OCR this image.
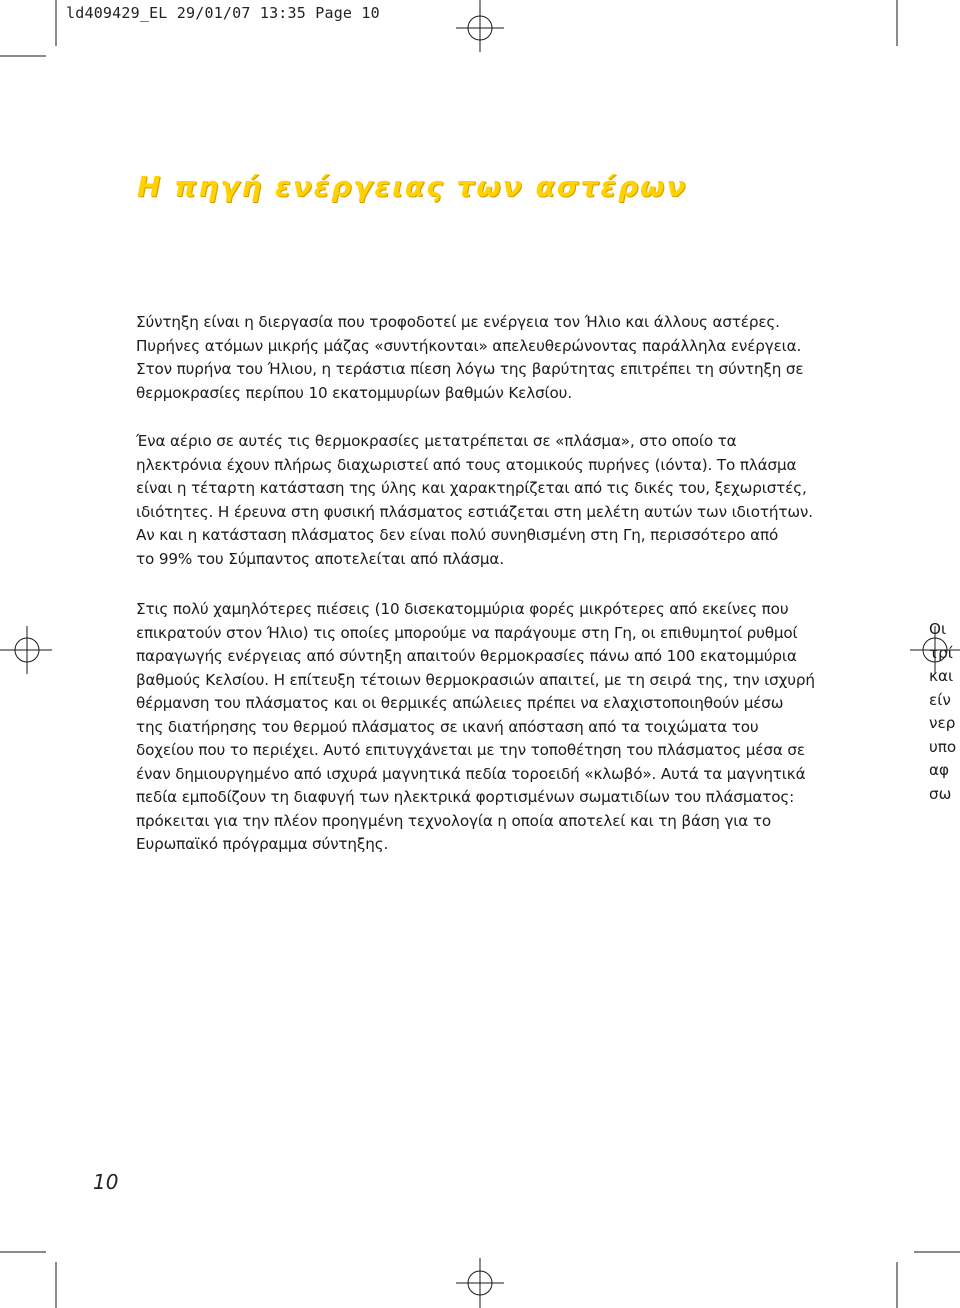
ld409429_EL 29/01/07 13:35 Page 10
Η πηγή ενέργειας των αστέρων
Σύντηξη είναι η διεργασία που τροφοδοτεί με ενέργεια τον Ήλιο και άλλους αστέρες.
Πυρήνες ατόμων μικρής μάζας «συντήκονται» απελευθερώνοντας παράλληλα ενέργεια.
Στον πυρήνα του Ήλιου, η τεράστια πίεση λόγω της βαρύτητας επιτρέπει τη σύντηξη σε
θερμοκρασίες περίπου 10 εκατομμυρίων βαθμών Κελσίου.
Ένα αέριο σε αυτές τις θερμοκρασίες μετατρέπεται σε «πλάσμα», στο οποίο τα
ηλεκτρόνια έχουν πλήρως διαχωριστεί από τους ατομικούς πυρήνες (ιόντα). Το πλάσμα
είναι η τέταρτη κατάσταση της ύλης και χαρακτηρίζεται από τις δικές του, ξεχωριστές,
ιδιότητες. Η έρευνα στη φυσική πλάσματος εστιάζεται στη μελέτη αυτών των ιδιοτήτων.
Αν και η κατάσταση πλάσματος δεν είναι πολύ συνηθισμένη στη Γη, περισσότερο από
το 99% του Σύμπαντος αποτελείται από πλάσμα.
Στις πολύ χαμηλότερες πιέσεις (10 δισεκατομμύρια φορές μικρότερες από εκείνες που
επικρατούν στον Ήλιο) τις οποίες μπορούμε να παράγουμε στη Γη, οι επιθυμητοί ρυθμοί
παραγωγής ενέργειας από σύντηξη απαιτούν θερμοκρασίες πάνω από 100 εκατομμύρια
βαθμούς Κελσίου. Η επίτευξη τέτοιων θερμοκρασιών απαιτεί, με τη σειρά της, την ισχυρή
θέρμανση του πλάσματος και οι θερμικές απώλειες πρέπει να ελαχιστοποιηθούν μέσω
της διατήρησης του θερμού πλάσματος σε ικανή απόσταση από τα τοιχώματα του
δοχείου που το περιέχει. Αυτό επιτυγχάνεται με την τοποθέτηση του πλάσματος μέσα σε
έναν δημιουργημένο από ισχυρά μαγνητικά πεδία τοροειδή «κλωβό». Αυτά τα μαγνητικά
πεδία εμποδίζουν τη διαφυγή των ηλεκτρικά φορτισμένων σωματιδίων του πλάσματος:
πρόκειται για την πλέον προηγμένη τεχνολογία η οποία αποτελεί και τη βάση για το
Ευρωπαϊκό πρόγραμμα σύντηξης.
Οι
τρί
και
είν
νερ
υπο
αφ
σω
10
